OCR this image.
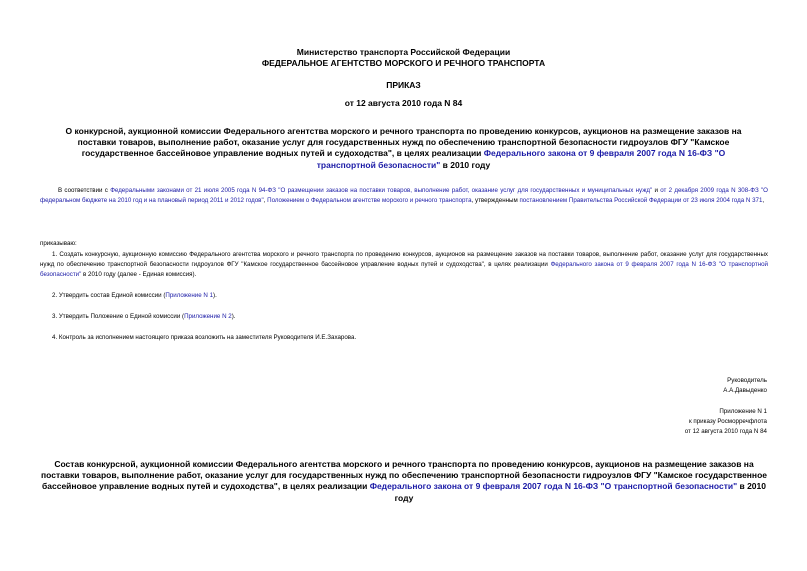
Министерство транспорта Российской Федерации
ФЕДЕРАЛЬНОЕ АГЕНТСТВО МОРСКОГО И РЕЧНОГО ТРАНСПОРТА
ПРИКАЗ
от 12 августа 2010 года N 84
О конкурсной, аукционной комиссии Федерального агентства морского и речного транспорта по проведению конкурсов, аукционов на размещение заказов на поставки товаров, выполнение работ, оказание услуг для государственных нужд по обеспечению транспортной безопасности гидроузлов ФГУ "Камское государственное бассейновое управление водных путей и судоходства", в целях реализации Федерального закона от 9 февраля 2007 года N 16-ФЗ "О транспортной безопасности" в 2010 году
В соответствии с Федеральными законами от 21 июля 2005 года N 94-ФЗ "О размещении заказов на поставки товаров, выполнение работ, оказание услуг для государственных и муниципальных нужд" и от 2 декабря 2009 года N 308-ФЗ "О федеральном бюджете на 2010 год и на плановый период 2011 и 2012 годов", Положением о Федеральном агентстве морского и речного транспорта, утвержденным постановлением Правительства Российской Федерации от 23 июля 2004 года N 371,
приказываю:
1. Создать конкурсную, аукционную комиссию Федерального агентства морского и речного транспорта по проведению конкурсов, аукционов на размещение заказов на поставки товаров, выполнение работ, оказание услуг для государственных нужд по обеспечению транспортной безопасности гидроузлов ФГУ "Камское государственное бассейновое управление водных путей и судоходства", в целях реализации Федерального закона от 9 февраля 2007 года N 16-ФЗ "О транспортной безопасности" в 2010 году (далее - Единая комиссия).
2. Утвердить состав Единой комиссии (Приложение N 1).
3. Утвердить Положение о Единой комиссии (Приложение N 2).
4. Контроль за исполнением настоящего приказа возложить на заместителя Руководителя И.Е.Захарова.
Руководитель
А.А.Давыденко
Приложение N 1
к приказу Росморречфлота
от 12 августа 2010 года N 84
Состав конкурсной, аукционной комиссии Федерального агентства морского и речного транспорта по проведению конкурсов, аукционов на размещение заказов на поставки товаров, выполнение работ, оказание услуг для государственных нужд по обеспечению транспортной безопасности гидроузлов ФГУ "Камское государственное бассейновое управление водных путей и судоходства", в целях реализации Федерального закона от 9 февраля 2007 года N 16-ФЗ "О транспортной безопасности" в 2010 году
